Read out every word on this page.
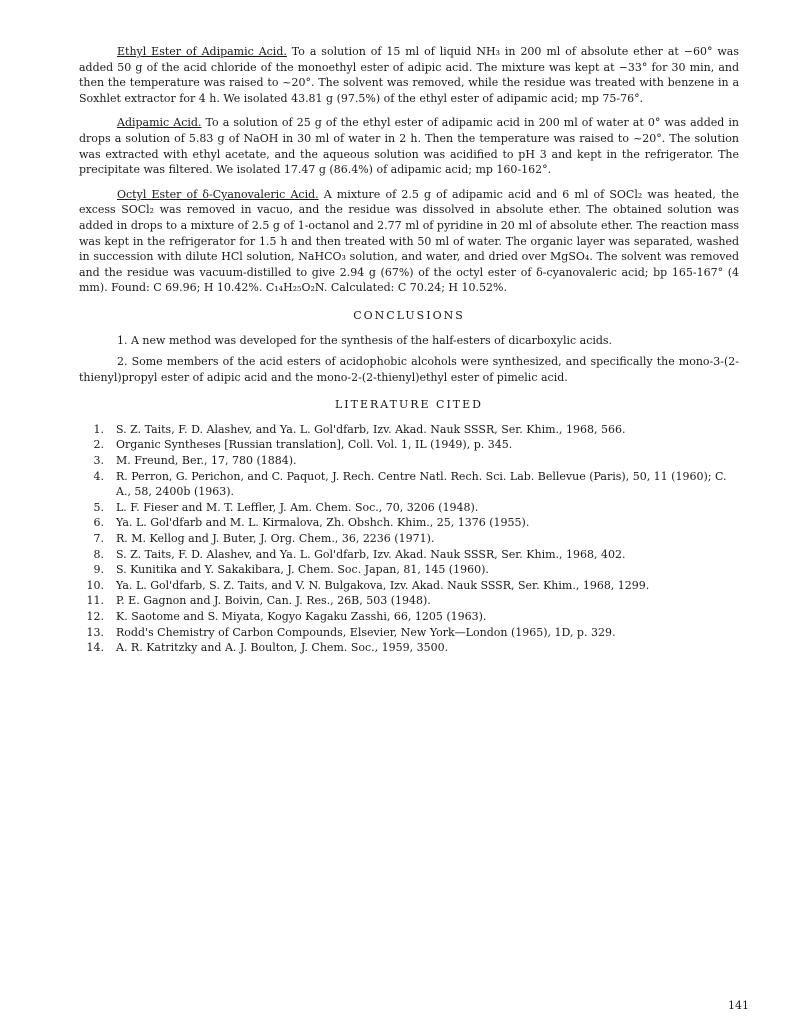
Ethyl Ester of Adipamic Acid. To a solution of 15 ml of liquid NH₃ in 200 ml of absolute ether at −60° was added 50 g of the acid chloride of the monoethyl ester of adipic acid. The mixture was kept at −33° for 30 min, and then the temperature was raised to ~20°. The solvent was removed, while the residue was treated with benzene in a Soxhlet extractor for 4 h. We isolated 43.81 g (97.5%) of the ethyl ester of adipamic acid; mp 75-76°.

Adipamic Acid. To a solution of 25 g of the ethyl ester of adipamic acid in 200 ml of water at 0° was added in drops a solution of 5.83 g of NaOH in 30 ml of water in 2 h. Then the temperature was raised to ~20°. The solution was extracted with ethyl acetate, and the aqueous solution was acidified to pH 3 and kept in the refrigerator. The precipitate was filtered. We isolated 17.47 g (86.4%) of adipamic acid; mp 160-162°.

Octyl Ester of δ-Cyanovaleric Acid. A mixture of 2.5 g of adipamic acid and 6 ml of SOCl₂ was heated, the excess SOCl₂ was removed in vacuo, and the residue was dissolved in absolute ether. The obtained solution was added in drops to a mixture of 2.5 g of 1-octanol and 2.77 ml of pyridine in 20 ml of absolute ether. The reaction mass was kept in the refrigerator for 1.5 h and then treated with 50 ml of water. The organic layer was separated, washed in succession with dilute HCl solution, NaHCO₃ solution, and water, and dried over MgSO₄. The solvent was removed and the residue was vacuum-distilled to give 2.94 g (67%) of the octyl ester of δ-cyanovaleric acid; bp 165-167° (4 mm). Found: C 69.96; H 10.42%. C₁₄H₂₅O₂N. Calculated: C 70.24; H 10.52%.

CONCLUSIONS

1. A new method was developed for the synthesis of the half-esters of dicarboxylic acids.

2. Some members of the acid esters of acidophobic alcohols were synthesized, and specifically the mono-3-(2-thienyl)propyl ester of adipic acid and the mono-2-(2-thienyl)ethyl ester of pimelic acid.

LITERATURE CITED
1.	S. Z. Taits, F. D. Alashev, and Ya. L. Gol'dfarb, Izv. Akad. Nauk SSSR, Ser. Khim., 1968, 566.
2.	Organic Syntheses [Russian translation], Coll. Vol. 1, IL (1949), p. 345.
3.	M. Freund, Ber., 17, 780 (1884).
4.	R. Perron, G. Perichon, and C. Paquot, J. Rech. Centre Natl. Rech. Sci. Lab. Bellevue (Paris), 50, 11 (1960); C. A., 58, 2400b (1963).
5.	L. F. Fieser and M. T. Leffler, J. Am. Chem. Soc., 70, 3206 (1948).
6.	Ya. L. Gol'dfarb and M. L. Kirmalova, Zh. Obshch. Khim., 25, 1376 (1955).
7.	R. M. Kellog and J. Buter, J. Org. Chem., 36, 2236 (1971).
8.	S. Z. Taits, F. D. Alashev, and Ya. L. Gol'dfarb, Izv. Akad. Nauk SSSR, Ser. Khim., 1968, 402.
9.	S. Kunitika and Y. Sakakibara, J. Chem. Soc. Japan, 81, 145 (1960).
10.	Ya. L. Gol'dfarb, S. Z. Taits, and V. N. Bulgakova, Izv. Akad. Nauk SSSR, Ser. Khim., 1968, 1299.
11.	P. E. Gagnon and J. Boivin, Can. J. Res., 26B, 503 (1948).
12.	K. Saotome and S. Miyata, Kogyo Kagaku Zasshi, 66, 1205 (1963).
13.	Rodd's Chemistry of Carbon Compounds, Elsevier, New York—London (1965), 1D, p. 329.
14.	A. R. Katritzky and A. J. Boulton, J. Chem. Soc., 1959, 3500.
141
